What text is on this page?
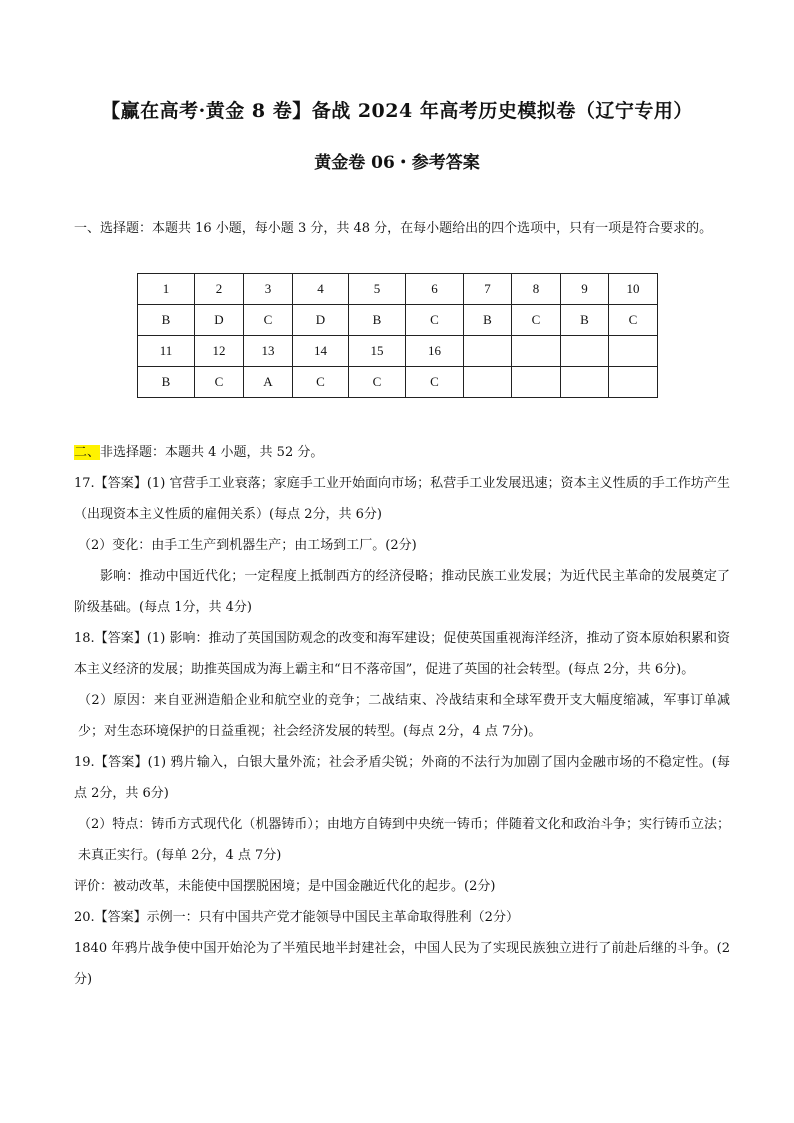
【赢在高考·黄金 8 卷】备战 2024 年高考历史模拟卷（辽宁专用）
黄金卷 06・参考答案
一、选择题：本题共 16 小题，每小题 3 分，共 48 分，在每小题给出的四个选项中，只有一项是符合要求的。
1	2	3	4	5	6	7	8	9	10
B	D	C	D	B	C	B	C	B	C
11	12	13	14	15	16				
B	C	A	C	C	C				

二、非选择题：本题共 4 小题，共 52 分。

17.【答案】(1) 官营手工业衰落；家庭手工业开始面向市场；私营手工业发展迅速；资本主义性质的手工作坊产生（出现资本主义性质的雇佣关系）(每点 2分，共 6分)

（2）变化：由手工生产到机器生产；由工场到工厂。(2分)

影响：推动中国近代化；一定程度上抵制西方的经济侵略；推动民族工业发展；为近代民主革命的发展奠定了阶级基础。(每点 1分，共 4分)

18.【答案】(1) 影响：推动了英国国防观念的改变和海军建设；促使英国重视海洋经济，推动了资本原始积累和资本主义经济的发展；助推英国成为海上霸主和“日不落帝国”，促进了英国的社会转型。(每点 2分，共 6分)。

（2）原因：来自亚洲造船企业和航空业的竞争；二战结束、冷战结束和全球军费开支大幅度缩减，军事订单减少；对生态环境保护的日益重视；社会经济发展的转型。(每点 2分，4 点 7分)。

19.【答案】(1) 鸦片输入，白银大量外流；社会矛盾尖锐；外商的不法行为加剧了国内金融市场的不稳定性。(每点 2分，共 6分)

（2）特点：铸币方式现代化（机器铸币）；由地方自铸到中央统一铸币；伴随着文化和政治斗争；实行铸币立法；未真正实行。(每单 2分，4 点 7分)

评价：被动改革，未能使中国摆脱困境；是中国金融近代化的起步。(2分)

20.【答案】示例一：只有中国共产党才能领导中国民主革命取得胜利（2分）

1840 年鸦片战争使中国开始沦为了半殖民地半封建社会，中国人民为了实现民族独立进行了前赴后继的斗争。(2分)
